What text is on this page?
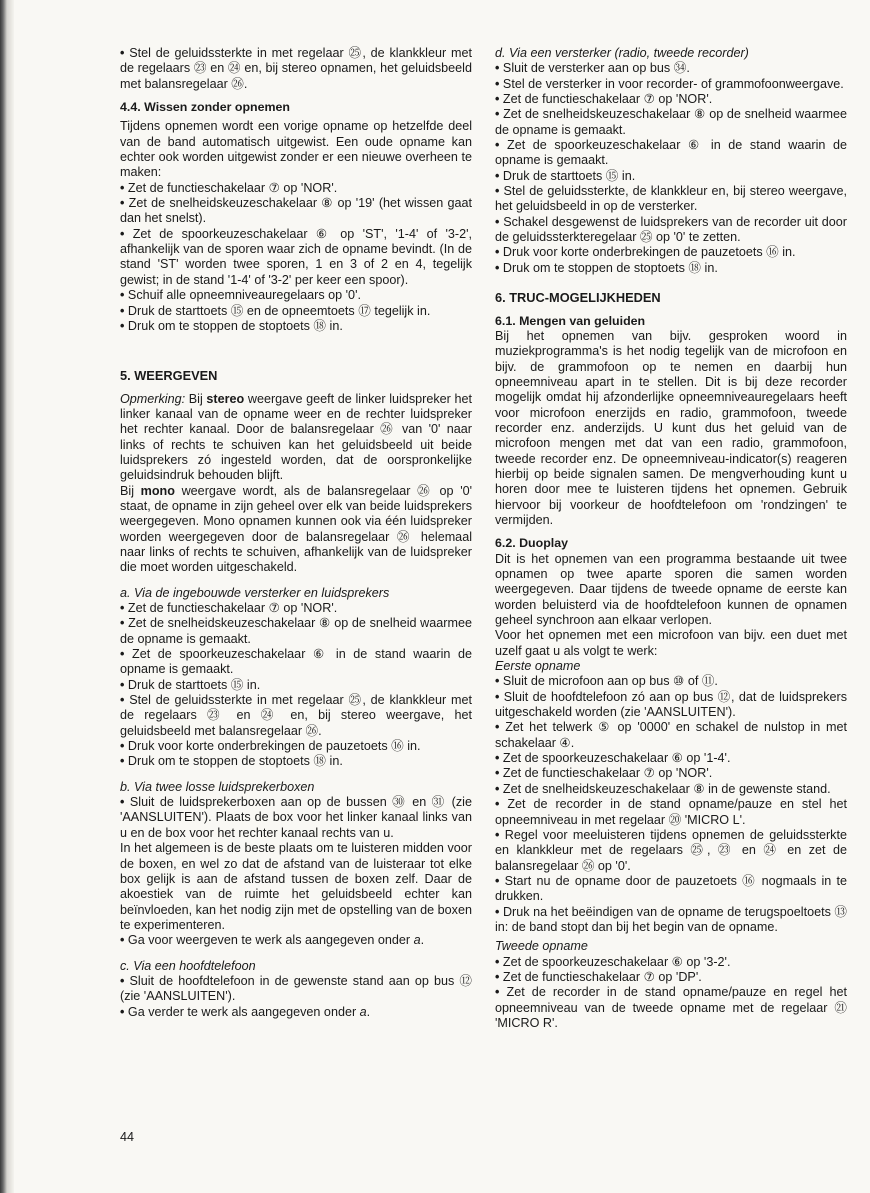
• Stel de geluidssterkte in met regelaar ㉕, de klankkleur met de regelaars ㉓ en ㉔ en, bij stereo opnamen, het geluidsbeeld met balansregelaar ㉖.

4.4. Wissen zonder opnemen

Tijdens opnemen wordt een vorige opname op hetzelfde deel van de band automatisch uitgewist. Een oude opname kan echter ook worden uitgewist zonder er een nieuwe overheen te maken:

• Zet de functieschakelaar ⑦ op 'NOR'.

• Zet de snelheidskeuzeschakelaar ⑧ op '19' (het wissen gaat dan het snelst).

• Zet de spoorkeuzeschakelaar ⑥ op 'ST', '1-4' of '3-2', afhankelijk van de sporen waar zich de opname bevindt. (In de stand 'ST' worden twee sporen, 1 en 3 of 2 en 4, tegelijk gewist; in de stand '1-4' of '3-2' per keer een spoor).

• Schuif alle opneemniveauregelaars op '0'.

• Druk de starttoets ⑮ en de opneemtoets ⑰ tegelijk in.

• Druk om te stoppen de stoptoets ⑱ in.

5. WEERGEVEN

Opmerking: Bij stereo weergave geeft de linker luidspreker het linker kanaal van de opname weer en de rechter luidspreker het rechter kanaal. Door de balansregelaar ㉖ van '0' naar links of rechts te schuiven kan het geluidsbeeld uit beide luidsprekers zó ingesteld worden, dat de oorspronkelijke geluidsindruk behouden blijft.

Bij mono weergave wordt, als de balansregelaar ㉖ op '0' staat, de opname in zijn geheel over elk van beide luidsprekers weergegeven. Mono opnamen kunnen ook via één luidspreker worden weergegeven door de balansregelaar ㉖ helemaal naar links of rechts te schuiven, afhankelijk van de luidspreker die moet worden uitgeschakeld.

a. Via de ingebouwde versterker en luidsprekers

• Zet de functieschakelaar ⑦ op 'NOR'.

• Zet de snelheidskeuzeschakelaar ⑧ op de snelheid waarmee de opname is gemaakt.

• Zet de spoorkeuzeschakelaar ⑥ in de stand waarin de opname is gemaakt.

• Druk de starttoets ⑮ in.

• Stel de geluidssterkte in met regelaar ㉕, de klankkleur met de regelaars ㉓ en ㉔ en, bij stereo weergave, het geluidsbeeld met balansregelaar ㉖.

• Druk voor korte onderbrekingen de pauzetoets ⑯ in.

• Druk om te stoppen de stoptoets ⑱ in.

b. Via twee losse luidsprekerboxen

• Sluit de luidsprekerboxen aan op de bussen ㉚ en ㉛ (zie 'AANSLUITEN'). Plaats de box voor het linker kanaal links van u en de box voor het rechter kanaal rechts van u.

In het algemeen is de beste plaats om te luisteren midden voor de boxen, en wel zo dat de afstand van de luisteraar tot elke box gelijk is aan de afstand tussen de boxen zelf. Daar de akoestiek van de ruimte het geluidsbeeld echter kan beïnvloeden, kan het nodig zijn met de opstelling van de boxen te experimenteren.

• Ga voor weergeven te werk als aangegeven onder a.

c. Via een hoofdtelefoon

• Sluit de hoofdtelefoon in de gewenste stand aan op bus ⑫ (zie 'AANSLUITEN').

• Ga verder te werk als aangegeven onder a.

d. Via een versterker (radio, tweede recorder)

• Sluit de versterker aan op bus ㉞.

• Stel de versterker in voor recorder- of grammofoonweergave.

• Zet de functieschakelaar ⑦ op 'NOR'.

• Zet de snelheidskeuzeschakelaar ⑧ op de snelheid waarmee de opname is gemaakt.

• Zet de spoorkeuzeschakelaar ⑥ in de stand waarin de opname is gemaakt.

• Druk de starttoets ⑮ in.

• Stel de geluidssterkte, de klankkleur en, bij stereo weergave, het geluidsbeeld in op de versterker.

• Schakel desgewenst de luidsprekers van de recorder uit door de geluidssterkteregelaar ㉕ op '0' te zetten.

• Druk voor korte onderbrekingen de pauzetoets ⑯ in.

• Druk om te stoppen de stoptoets ⑱ in.

6. TRUC-MOGELIJKHEDEN

6.1. Mengen van geluiden

Bij het opnemen van bijv. gesproken woord in muziekprogramma's is het nodig tegelijk van de microfoon en bijv. de grammofoon op te nemen en daarbij hun opneemniveau apart in te stellen. Dit is bij deze recorder mogelijk omdat hij afzonderlijke opneemniveauregelaars heeft voor microfoon enerzijds en radio, grammofoon, tweede recorder enz. anderzijds. U kunt dus het geluid van de microfoon mengen met dat van een radio, grammofoon, tweede recorder enz. De opneemniveau-indicator(s) reageren hierbij op beide signalen samen. De mengverhouding kunt u horen door mee te luisteren tijdens het opnemen. Gebruik hiervoor bij voorkeur de hoofdtelefoon om 'rondzingen' te vermijden.

6.2. Duoplay

Dit is het opnemen van een programma bestaande uit twee opnamen op twee aparte sporen die samen worden weergegeven. Daar tijdens de tweede opname de eerste kan worden beluisterd via de hoofdtelefoon kunnen de opnamen geheel synchroon aan elkaar verlopen.

Voor het opnemen met een microfoon van bijv. een duet met uzelf gaat u als volgt te werk:

Eerste opname

• Sluit de microfoon aan op bus ⑩ of ⑪.

• Sluit de hoofdtelefoon zó aan op bus ⑫, dat de luidsprekers uitgeschakeld worden (zie 'AANSLUITEN').

• Zet het telwerk ⑤ op '0000' en schakel de nulstop in met schakelaar ④.

• Zet de spoorkeuzeschakelaar ⑥ op '1-4'.

• Zet de functieschakelaar ⑦ op 'NOR'.

• Zet de snelheidskeuzeschakelaar ⑧ in de gewenste stand.

• Zet de recorder in de stand opname/pauze en stel het opneemniveau in met regelaar ⑳ 'MICRO L'.

• Regel voor meeluisteren tijdens opnemen de geluidssterkte en klankkleur met de regelaars ㉕, ㉓ en ㉔ en zet de balansregelaar ㉖ op '0'.

• Start nu de opname door de pauzetoets ⑯ nogmaals in te drukken.

• Druk na het beëindigen van de opname de terugspoeltoets ⑬ in: de band stopt dan bij het begin van de opname.

Tweede opname

• Zet de spoorkeuzeschakelaar ⑥ op '3-2'.

• Zet de functieschakelaar ⑦ op 'DP'.

• Zet de recorder in de stand opname/pauze en regel het opneemniveau van de tweede opname met de regelaar ㉑ 'MICRO R'.

44
